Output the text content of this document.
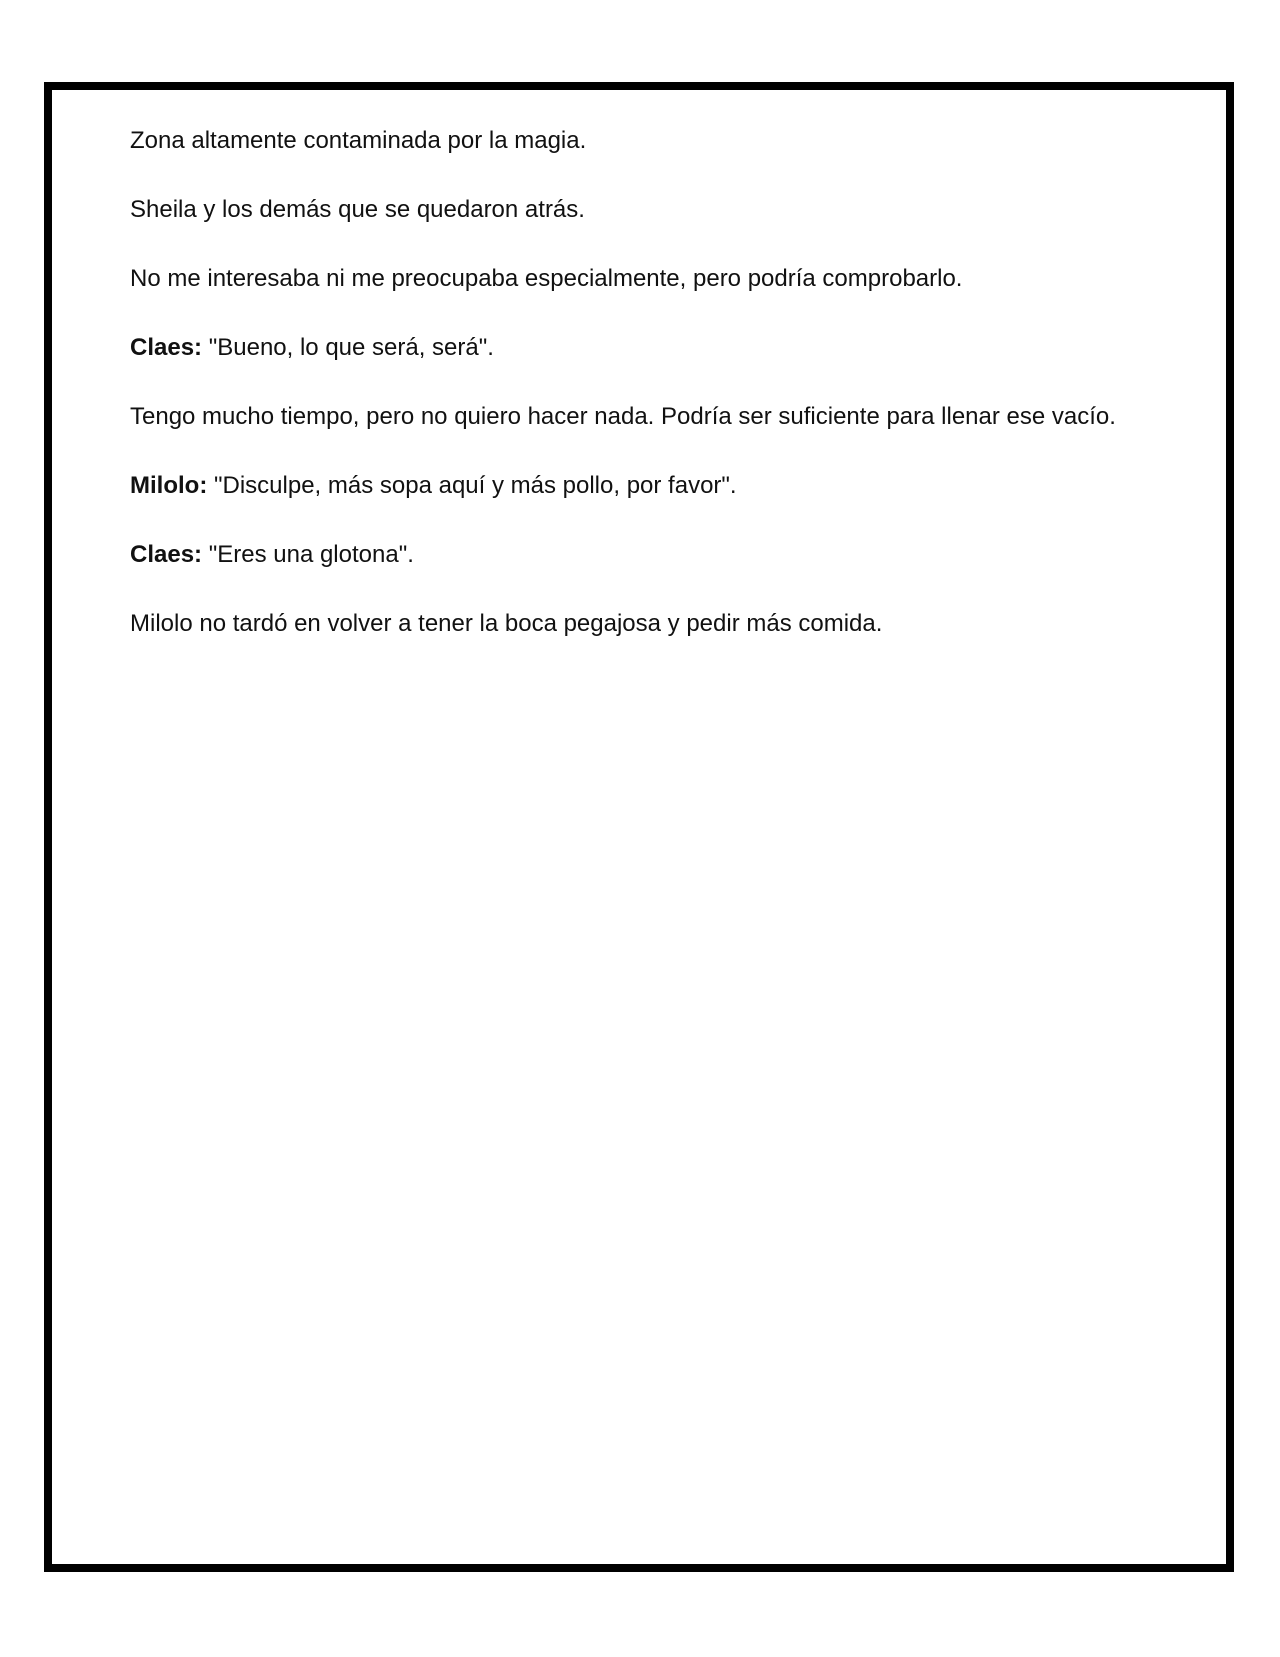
Zona altamente contaminada por la magia.

Sheila y los demás que se quedaron atrás.

No me interesaba ni me preocupaba especialmente, pero podría comprobarlo.

Claes: "Bueno, lo que será, será".

Tengo mucho tiempo, pero no quiero hacer nada. Podría ser suficiente para llenar ese vacío.

Milolo: "Disculpe, más sopa aquí y más pollo, por favor".

Claes: "Eres una glotona".

Milolo no tardó en volver a tener la boca pegajosa y pedir más comida.
